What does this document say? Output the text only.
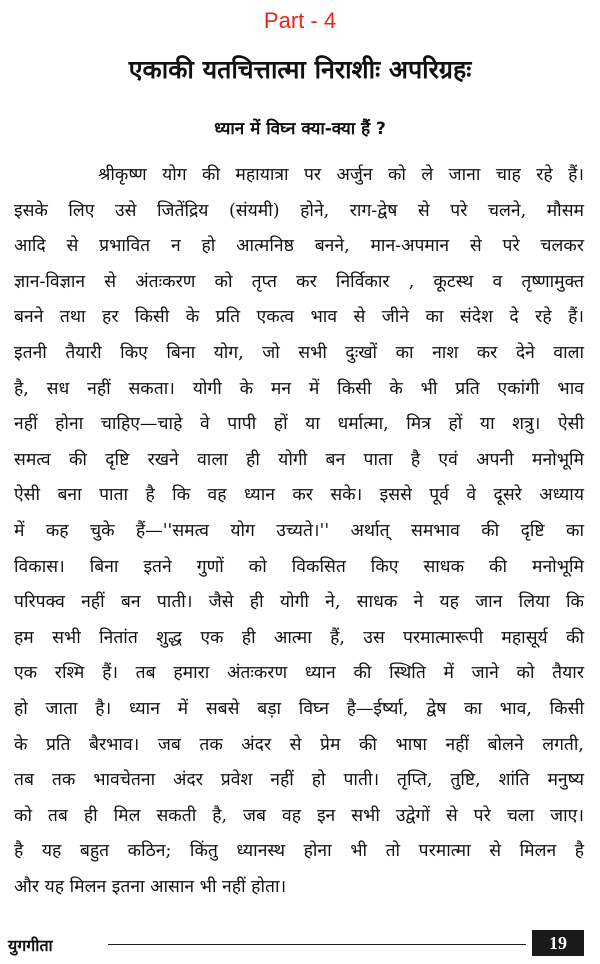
Part - 4
एकाकी यतचित्तात्मा निराशीः अपरिग्रहः
ध्यान में विघ्न क्या-क्या हैं ?
श्रीकृष्ण योग की महायात्रा पर अर्जुन को ले जाना चाह रहे हैं।
इसके लिए उसे जितेंद्रिय (संयमी) होने, राग-द्वेष से परे चलने, मौसम
आदि से प्रभावित न हो आत्मनिष्ठ बनने, मान-अपमान से परे चलकर
ज्ञान-विज्ञान से अंतःकरण को तृप्त कर निर्विकार , कूटस्थ व तृष्णामुक्त
बनने तथा हर किसी के प्रति एकत्व भाव से जीने का संदेश दे रहे हैं।
इतनी तैयारी किए बिना योग, जो सभी दुःखों का नाश कर देने वाला
है, सध नहीं सकता। योगी के मन में किसी के भी प्रति एकांगी भाव
नहीं होना चाहिए—चाहे वे पापी हों या धर्मात्मा, मित्र हों या शत्रु। ऐसी
समत्व की दृष्टि रखने वाला ही योगी बन पाता है एवं अपनी मनोभूमि
ऐसी बना पाता है कि वह ध्यान कर सके। इससे पूर्व वे दूसरे अध्याय
में कह चुके हैं—''समत्व योग उच्यते।'' अर्थात् समभाव की दृष्टि का
विकास। बिना इतने गुणों को विकसित किए साधक की मनोभूमि
परिपक्व नहीं बन पाती। जैसे ही योगी ने, साधक ने यह जान लिया कि
हम सभी नितांत शुद्ध एक ही आत्मा हैं, उस परमात्मारूपी महासूर्य की
एक रश्मि हैं। तब हमारा अंतःकरण ध्यान की स्थिति में जाने को तैयार
हो जाता है। ध्यान में सबसे बड़ा विघ्न है—ईर्ष्या, द्वेष का भाव, किसी
के प्रति बैरभाव। जब तक अंदर से प्रेम की भाषा नहीं बोलने लगती,
तब तक भावचेतना अंदर प्रवेश नहीं हो पाती। तृप्ति, तुष्टि, शांति मनुष्य
को तब ही मिल सकती है, जब वह इन सभी उद्वेगों से परे चला जाए।
है यह बहुत कठिन; किंतु ध्यानस्थ होना भी तो परमात्मा से मिलन है
और यह मिलन इतना आसान भी नहीं होता।
युगगीता	19
